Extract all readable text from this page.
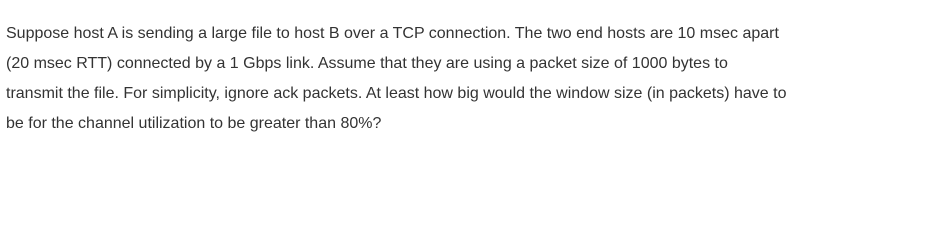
Suppose host A is sending a large file to host B over a TCP connection. The two end hosts are 10 msec apart
(20 msec RTT) connected by a 1 Gbps link. Assume that they are using a packet size of 1000 bytes to
transmit the file. For simplicity, ignore ack packets. At least how big would the window size (in packets) have to
be for the channel utilization to be greater than 80%?
